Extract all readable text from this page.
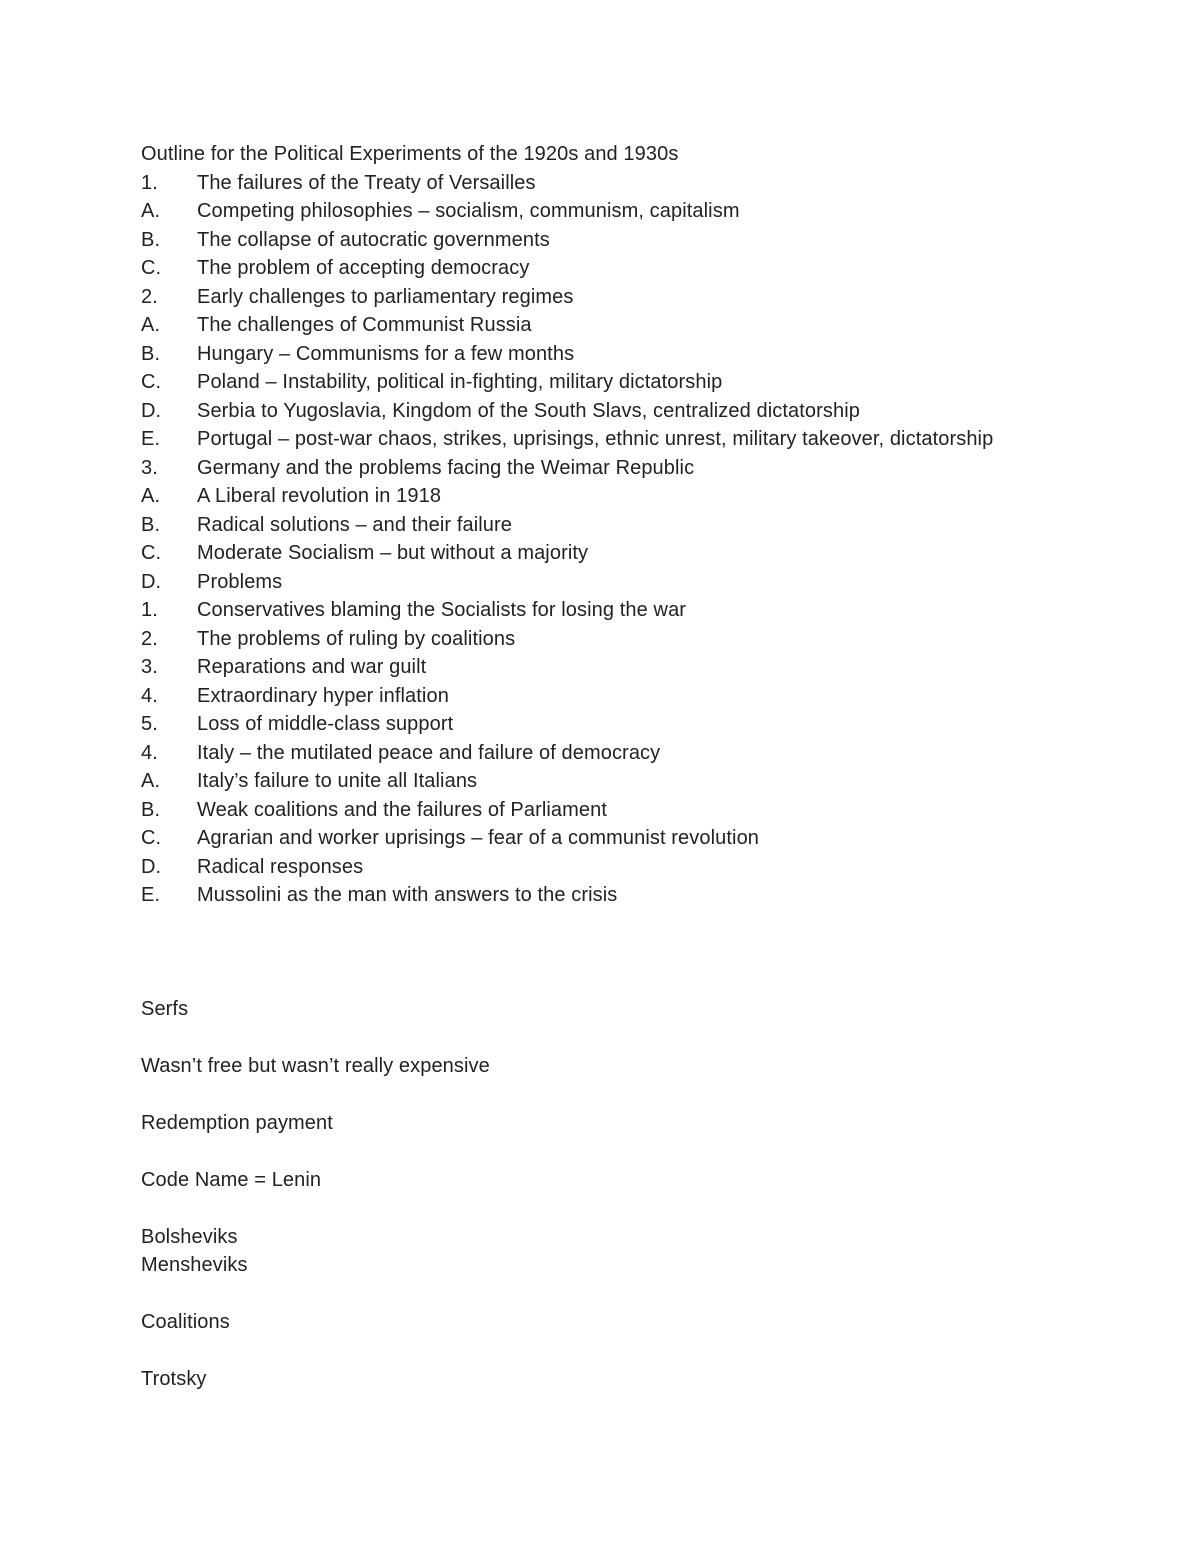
Outline for the Political Experiments of the 1920s and 1930s
1.	The failures of the Treaty of Versailles
A.	Competing philosophies – socialism, communism, capitalism
B.	The collapse of autocratic governments
C.	The problem of accepting democracy
2.	Early challenges to parliamentary regimes
A.	The challenges of Communist Russia
B.	Hungary – Communisms for a few months
C.	Poland – Instability, political in-fighting, military dictatorship
D.	Serbia to Yugoslavia, Kingdom of the South Slavs, centralized dictatorship
E.	Portugal – post-war chaos, strikes, uprisings, ethnic unrest, military takeover, dictatorship
3.	Germany and the problems facing the Weimar Republic
A.	A Liberal revolution in 1918
B.	Radical solutions – and their failure
C.	Moderate Socialism – but without a majority
D.	Problems
1.	Conservatives blaming the Socialists for losing the war
2.	The problems of ruling by coalitions
3.	Reparations and war guilt
4.	Extraordinary hyper inflation
5.	Loss of middle-class support
4.	Italy – the mutilated peace and failure of democracy
A.	Italy’s failure to unite all Italians
B.	Weak coalitions and the failures of Parliament
C.	Agrarian and worker uprisings – fear of a communist revolution
D.	Radical responses
E.	Mussolini as the man with answers to the crisis

Serfs

Wasn’t free but wasn’t really expensive

Redemption payment

Code Name = Lenin

Bolsheviks

Mensheviks

Coalitions

Trotsky
